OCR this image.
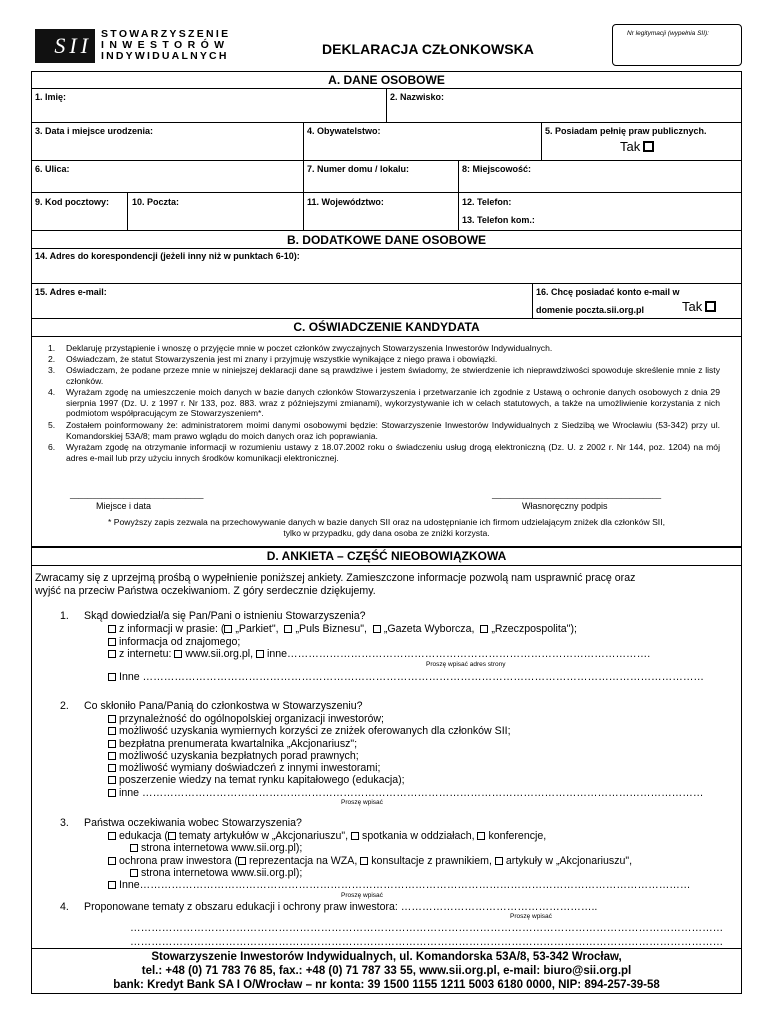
SII STOWARZYSZENIE
INWESTORÓW
INDYWIDUALNYCH	DEKLARACJA CZŁONKOWSKA
Nr legitymacji (wypełnia SII):
A. DANE OSOBOWE
1. Imię:	2. Nazwisko:
3. Data i miejsce urodzenia:	4. Obywatelstwo:	5. Posiadam pełnię praw publicznych.
Tak
6. Ulica:	7. Numer domu / lokalu:	8: Miejscowość:
9. Kod pocztowy:	10. Poczta:	11. Województwo:	12. Telefon:
13. Telefon kom.:
B. DODATKOWE DANE OSOBOWE
14. Adres do korespondencji (jeżeli inny niż w punktach 6-10):
15. Adres e-mail:	16. Chcę posiadać konto e-mail w
domenie poczta.sii.org.pl	Tak
C. OŚWIADCZENIE KANDYDATA
1. Deklaruję przystąpienie i wnoszę o przyjęcie mnie w poczet członków zwyczajnych Stowarzyszenia Inwestorów Indywidualnych.
2. Oświadczam, że statut Stowarzyszenia jest mi znany i przyjmuję wszystkie wynikające z niego prawa i obowiązki.
3. Oświadczam, że podane przeze mnie w niniejszej deklaracji dane są prawdziwe i jestem świadomy, że stwierdzenie ich nieprawdziwości spowoduje skreślenie mnie z listy członków.
4. Wyrażam zgodę na umieszczenie moich danych w bazie danych członków Stowarzyszenia i przetwarzanie ich zgodnie z Ustawą o ochronie danych osobowych z dnia 29 sierpnia 1997 (Dz. U. z 1997 r. Nr 133, poz. 883. wraz z późniejszymi zmianami), wykorzystywanie ich w celach statutowych, a także na umożliwienie korzystania z nich podmiotom współpracującym ze Stowarzyszeniem*.
5. Zostałem poinformowany że: administratorem moimi danymi osobowymi będzie: Stowarzyszenie Inwestorów Indywidualnych z Siedzibą we Wrocławiu (53-342) przy ul. Komandorskiej 53A/8; mam prawo wglądu do moich danych oraz ich poprawiania.
6. Wyrażam zgodę na otrzymanie informacji w rozumieniu ustawy z 18.07.2002 roku o świadczeniu usług drogą elektroniczną (Dz. U. z 2002 r. Nr 144, poz. 1204) na mój adres e-mail lub przy użyciu innych środków komunikacji elektronicznej.
______________________________
Miejsce i data
______________________________________
Własnoręczny podpis
* Powyższy zapis zezwala na przechowywanie danych w bazie danych SII oraz na udostępnianie ich firmom udzielającym zniżek dla członków SII,
tylko w przypadku, gdy dana osoba ze zniżki korzysta.
D. ANKIETA – CZĘŚĆ NIEOBOWIĄZKOWA
Zwracamy się z uprzejmą prośbą o wypełnienie poniższej ankiety. Zamieszczone informacje pozwolą nam usprawnić pracę oraz
wyjść na przeciw Państwa oczekiwaniom. Z góry serdecznie dziękujemy.
1. Skąd dowiedział/a się Pan/Pani o istnieniu Stowarzyszenia?
z informacji w prasie: ( „Parkiet", „Puls Biznesu", „Gazeta Wyborcza, „Rzeczpospolita");
informacja od znajomego;
z internetu: www.sii.org.pl, inne………………………………………………………………………………………….
Proszę wpisać adres strony
Inne ……………………………………………………………………………………………………………………………………………
2. Co skłoniło Pana/Panią do członkostwa w Stowarzyszeniu?
przynależność do ogólnopolskiej organizacji inwestorów;
możliwość uzyskania wymiernych korzyści ze zniżek oferowanych dla członków SII;
bezpłatna prenumerata kwartalnika „Akcjonariusz";
możliwość uzyskania bezpłatnych porad prawnych;
możliwość wymiany doświadczeń z innymi inwestorami;
poszerzenie wiedzy na temat rynku kapitałowego (edukacja);
inne ……………………………………………………………………………………………………………………………………………
Proszę wpisać
3. Państwa oczekiwania wobec Stowarzyszenia?
edukacja ( tematy artykułów w „Akcjonariuszu", spotkania w oddziałach, konferencje,
strona internetowa www.sii.org.pl);
ochrona praw inwestora ( reprezentacja na WZA, konsultacje z prawnikiem, artykuły w „Akcjonariuszu",
strona internetowa www.sii.org.pl);
Inne…………………………………………………………………………………………………………………………………………
Proszę wpisać
4. Proponowane tematy z obszaru edukacji i ochrony praw inwestora: ………………………………………………..
Proszę wpisać
……………………………………………………………………………………………………………………………………………………
……………………………………………………………………………………………………………………………………………………
Stowarzyszenie Inwestorów Indywidualnych, ul. Komandorska 53A/8, 53-342 Wrocław,
tel.: +48 (0) 71 783 76 85, fax.: +48 (0) 71 787 33 55, www.sii.org.pl, e-mail: biuro@sii.org.pl
bank: Kredyt Bank SA I O/Wrocław – nr konta: 39 1500 1155 1211 5003 6180 0000, NIP: 894-257-39-58
